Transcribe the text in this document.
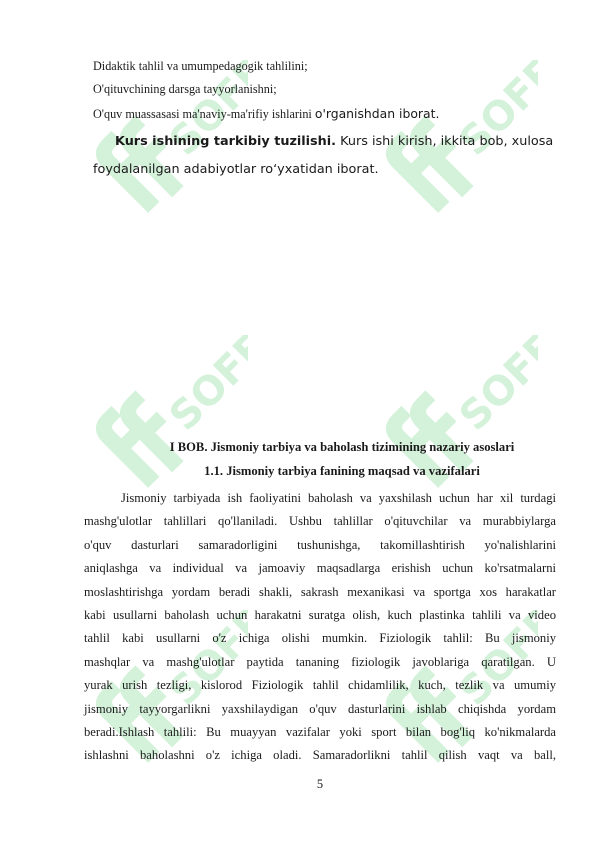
SOFF	SOFF
SOFF	SOFF
SOFF	SOFF
Didaktik tahlil va umumpedagogik tahlilini;
O'qituvchining darsga tayyorlanishni;
O'quv muassasasi ma'naviy-ma'rifiy ishlarini o'rganishdan iborat.
Kurs ishining tarkibiy tuzilishi. Kurs ishi kirish, ikkita bob, xulosa
foydalanilgan adabiyotlar ro‘yxatidan iborat.
I BOB. Jismoniy tarbiya va baholash tizimining nazariy asoslari
1.1. Jismoniy tarbiya fanining maqsad va vazifalari
Jismoniy tarbiyada ish faoliyatini baholash va yaxshilash uchun har xil turdagi
mashg'ulotlar tahlillari qo'llaniladi. Ushbu tahlillar o'qituvchilar va murabbiylarga
o'quv dasturlari samaradorligini tushunishga, takomillashtirish yo'nalishlarini
aniqlashga va individual va jamoaviy maqsadlarga erishish uchun ko'rsatmalarni
moslashtirishga yordam beradi shakli, sakrash mexanikasi va sportga xos harakatlar
kabi usullarni baholash uchun harakatni suratga olish, kuch plastinka tahlili va video
tahlil kabi usullarni o'z ichiga olishi mumkin. Fiziologik tahlil: Bu jismoniy
mashqlar va mashg'ulotlar paytida tananing fiziologik javoblariga qaratilgan. U
yurak urish tezligi, kislorod Fiziologik tahlil chidamlilik, kuch, tezlik va umumiy
jismoniy tayyorgarlikni yaxshilaydigan o'quv dasturlarini ishlab chiqishda yordam
beradi.Ishlash tahlili: Bu muayyan vazifalar yoki sport bilan bog'liq ko'nikmalarda
ishlashni baholashni o'z ichiga oladi. Samaradorlikni tahlil qilish vaqt va ball,
5
